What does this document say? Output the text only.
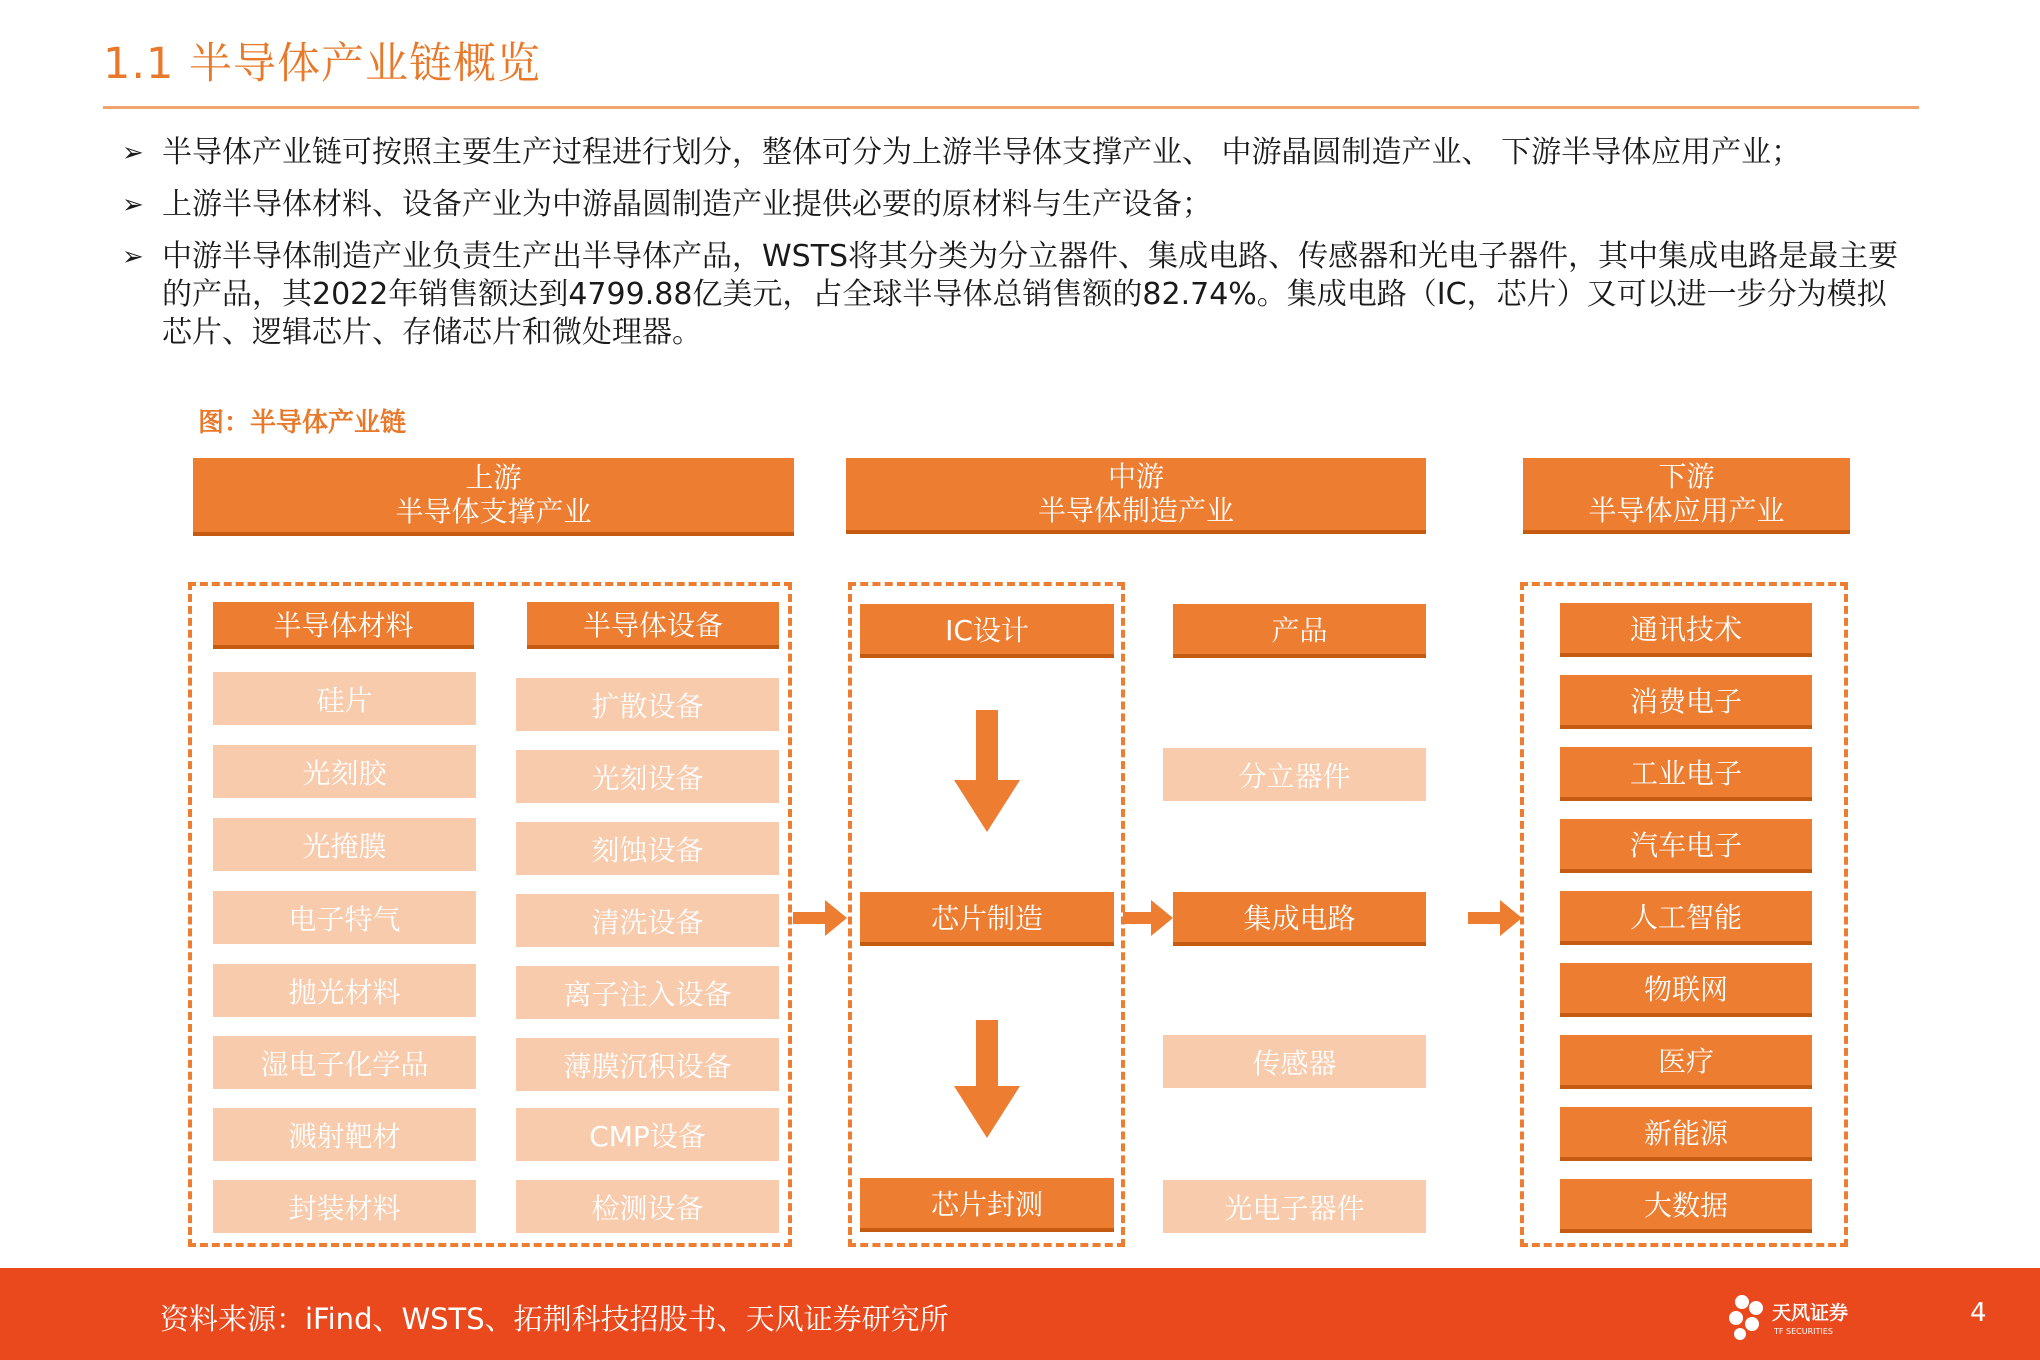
1.1 半导体产业链概览
➢ 半导体产业链可按照主要生产过程进行划分，整体可分为上游半导体支撑产业、 中游晶圆制造产业、 下游半导体应用产业；
➢ 上游半导体材料、设备产业为中游晶圆制造产业提供必要的原材料与生产设备；
➢ 中游半导体制造产业负责生产出半导体产品，WSTS将其分类为分立器件、集成电路、传感器和光电子器件，其中集成电路是最主要的产品，其2022年销售额达到4799.88亿美元，占全球半导体总销售额的82.74%。集成电路（IC，芯片）又可以进一步分为模拟芯片、逻辑芯片、存储芯片和微处理器。
图：半导体产业链
上游
半导体支撑产业
中游
半导体制造产业
下游
半导体应用产业
半导体材料
硅片
光刻胶
光掩膜
电子特气
抛光材料
湿电子化学品
溅射靶材
封装材料
半导体设备
扩散设备
光刻设备
刻蚀设备
清洗设备
离子注入设备
薄膜沉积设备
CMP设备
检测设备
IC设计
芯片制造
芯片封测
产品
分立器件
集成电路
传感器
光电子器件
通讯技术
消费电子
工业电子
汽车电子
人工智能
物联网
医疗
新能源
大数据
资料来源：iFind、WSTS、拓荆科技招股书、天风证券研究所	天风证券
TF SECURITIES
4
